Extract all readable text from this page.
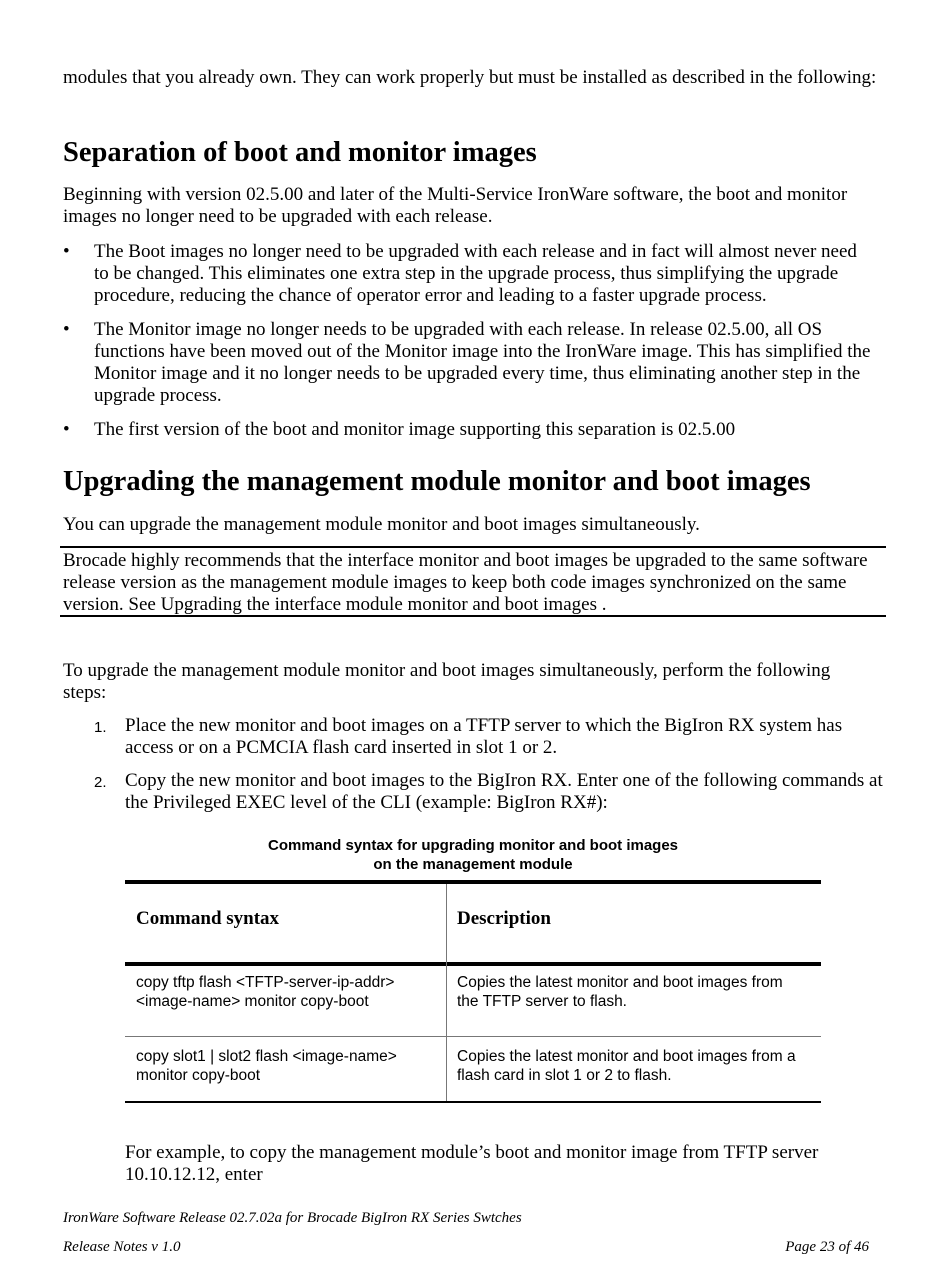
modules that you already own. They can work properly but must be installed as described in the following:

Separation of boot and monitor images

Beginning with version 02.5.00 and later of the Multi-Service IronWare software, the boot and monitor images no longer need to be upgraded with each release.

• The Boot images no longer need to be upgraded with each release and in fact will almost never need to be changed. This eliminates one extra step in the upgrade process, thus simplifying the upgrade procedure, reducing the chance of operator error and leading to a faster upgrade process.
• The Monitor image no longer needs to be upgraded with each release. In release 02.5.00, all OS functions have been moved out of the Monitor image into the IronWare image. This has simplified the Monitor image and it no longer needs to be upgraded every time, thus eliminating another step in the upgrade process.
• The first version of the boot and monitor image supporting this separation is 02.5.00
Upgrading the management module monitor and boot images

You can upgrade the management module monitor and boot images simultaneously.

Brocade highly recommends that the interface monitor and boot images be upgraded to the same software release version as the management module images to keep both code images synchronized on the same version. See Upgrading the interface module monitor and boot images .

To upgrade the management module monitor and boot images simultaneously, perform the following steps:

1. Place the new monitor and boot images on a TFTP server to which the BigIron RX system has access or on a PCMCIA flash card inserted in slot 1 or 2.
2. Copy the new monitor and boot images to the BigIron RX. Enter one of the following commands at the Privileged EXEC level of the CLI (example: BigIron RX#):
Command syntax for upgrading monitor and boot images
on the management module
Command syntax	Description
copy tftp flash <TFTP-server-ip-addr>
<image-name> monitor copy-boot
Copies the latest monitor and boot images from
the TFTP server to flash.
copy slot1 | slot2 flash <image-name>
monitor copy-boot
Copies the latest monitor and boot images from a
flash card in slot 1 or 2 to flash.

For example, to copy the management module’s boot and monitor image from TFTP server 10.10.12.12, enter

IronWare Software Release 02.7.02a for Brocade BigIron RX Series Swtches
Release Notes v 1.0	Page 23 of 46
